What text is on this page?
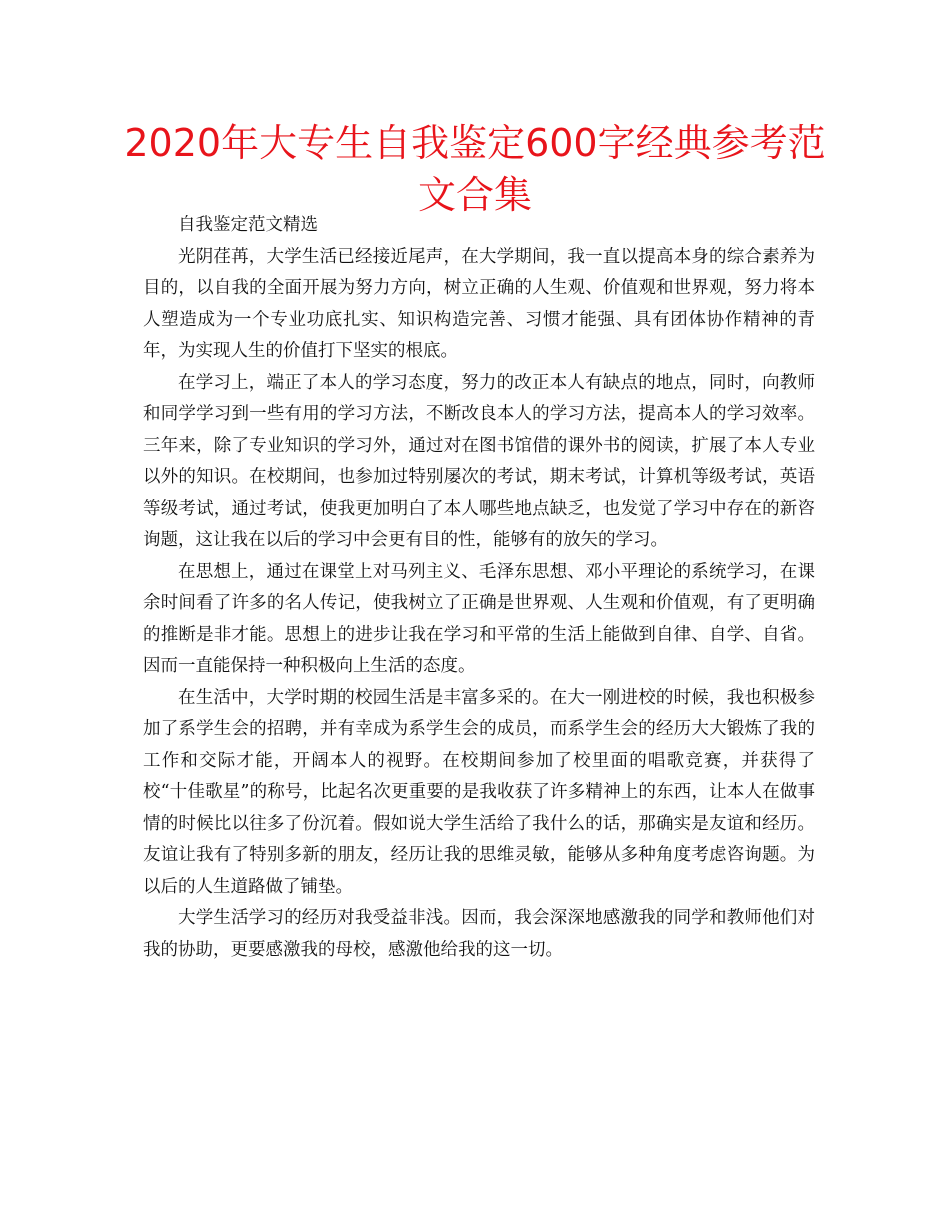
2020年大专生自我鉴定600字经典参考范文合集

自我鉴定范文精选

光阴荏苒，大学生活已经接近尾声，在大学期间，我一直以提高本身的综合素养为目的，以自我的全面开展为努力方向，树立正确的人生观、价值观和世界观，努力将本人塑造成为一个专业功底扎实、知识构造完善、习惯才能强、具有团体协作精神的青年，为实现人生的价值打下坚实的根底。

在学习上，端正了本人的学习态度，努力的改正本人有缺点的地点，同时，向教师和同学学习到一些有用的学习方法，不断改良本人的学习方法，提高本人的学习效率。三年来，除了专业知识的学习外，通过对在图书馆借的课外书的阅读，扩展了本人专业以外的知识。在校期间，也参加过特别屡次的考试，期末考试，计算机等级考试，英语等级考试，通过考试，使我更加明白了本人哪些地点缺乏，也发觉了学习中存在的新咨询题，这让我在以后的学习中会更有目的性，能够有的放矢的学习。

在思想上，通过在课堂上对马列主义、毛泽东思想、邓小平理论的系统学习，在课余时间看了许多的名人传记，使我树立了正确是世界观、人生观和价值观，有了更明确的推断是非才能。思想上的进步让我在学习和平常的生活上能做到自律、自学、自省。因而一直能保持一种积极向上生活的态度。

在生活中，大学时期的校园生活是丰富多采的。在大一刚进校的时候，我也积极参加了系学生会的招聘，并有幸成为系学生会的成员，而系学生会的经历大大锻炼了我的工作和交际才能，开阔本人的视野。在校期间参加了校里面的唱歌竞赛，并获得了校“十佳歌星”的称号，比起名次更重要的是我收获了许多精神上的东西，让本人在做事情的时候比以往多了份沉着。假如说大学生活给了我什么的话，那确实是友谊和经历。友谊让我有了特别多新的朋友，经历让我的思维灵敏，能够从多种角度考虑咨询题。为以后的人生道路做了铺垫。

大学生活学习的经历对我受益非浅。因而，我会深深地感激我的同学和教师他们对我的协助，更要感激我的母校，感激他给我的这一切。
